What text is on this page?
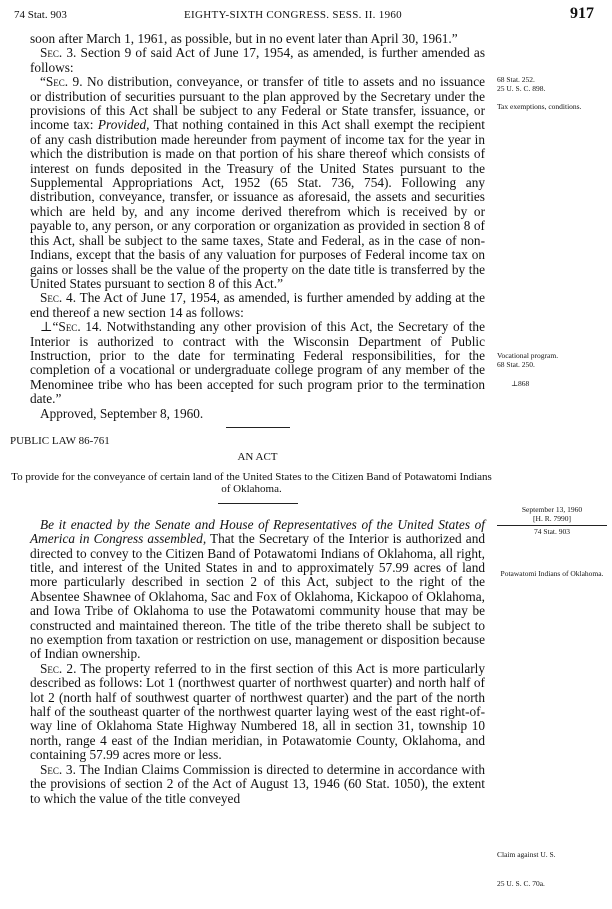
74 Stat. 903	EIGHTY-SIXTH CONGRESS. SESS. II. 1960	917

soon after March 1, 1961, as possible, but in no event later than April 30, 1961.”

Sec. 3. Section 9 of said Act of June 17, 1954, as amended, is further amended as follows:

“Sec. 9. No distribution, conveyance, or transfer of title to assets and no issuance or distribution of securities pursuant to the plan approved by the Secretary under the provisions of this Act shall be subject to any Federal or State transfer, issuance, or income tax: Provided, That nothing contained in this Act shall exempt the recipient of any cash distribution made hereunder from payment of income tax for the year in which the distribution is made on that portion of his share thereof which consists of interest on funds deposited in the Treasury of the United States pursuant to the Supplemental Appropriations Act, 1952 (65 Stat. 736, 754). Following any distribution, conveyance, transfer, or issuance as aforesaid, the assets and securities which are held by, and any income derived therefrom which is received by or payable to, any person, or any corporation or organization as provided in section 8 of this Act, shall be subject to the same taxes, State and Federal, as in the case of non-Indians, except that the basis of any valuation for purposes of Federal income tax on gains or losses shall be the value of the property on the date title is transferred by the United States pursuant to section 8 of this Act.”

Sec. 4. The Act of June 17, 1954, as amended, is further amended by adding at the end thereof a new section 14 as follows:

⊥“Sec. 14. Notwithstanding any other provision of this Act, the Secretary of the Interior is authorized to contract with the Wisconsin Department of Public Instruction, prior to the date for terminating Federal responsibilities, for the completion of a vocational or undergraduate college program of any member of the Menominee tribe who has been accepted for such program prior to the termination date.”

Approved, September 8, 1960.

PUBLIC LAW 86-761

AN ACT

To provide for the conveyance of certain land of the United States to the Citizen Band of Potawatomi Indians of Oklahoma.

Be it enacted by the Senate and House of Representatives of the United States of America in Congress assembled, That the Secretary of the Interior is authorized and directed to convey to the Citizen Band of Potawatomi Indians of Oklahoma, all right, title, and interest of the United States in and to approximately 57.99 acres of land more particularly described in section 2 of this Act, subject to the right of the Absentee Shawnee of Oklahoma, Sac and Fox of Oklahoma, Kickapoo of Oklahoma, and Iowa Tribe of Oklahoma to use the Potawatomi community house that may be constructed and maintained thereon. The title of the tribe thereto shall be subject to no exemption from taxation or restriction on use, management or disposition because of Indian ownership.

Sec. 2. The property referred to in the first section of this Act is more particularly described as follows: Lot 1 (northwest quarter of northwest quarter) and north half of lot 2 (north half of southwest quarter of northwest quarter) and the part of the north half of the southeast quarter of the northwest quarter laying west of the east right-of-way line of Oklahoma State Highway Numbered 18, all in section 31, township 10 north, range 4 east of the Indian meridian, in Potawatomie County, Oklahoma, and containing 57.99 acres more or less.

Sec. 3. The Indian Claims Commission is directed to determine in accordance with the provisions of section 2 of the Act of August 13, 1946 (60 Stat. 1050), the extent to which the value of the title conveyed

68 Stat. 252.
25 U. S. C. 898.
Tax exemptions, conditions.
Vocational program.
68 Stat. 250.
⊥868
September 13, 1960
[H. R. 7990]
74 Stat. 903
Potawatomi Indians of Oklahoma.
Claim against U. S.
25 U. S. C. 70a.
